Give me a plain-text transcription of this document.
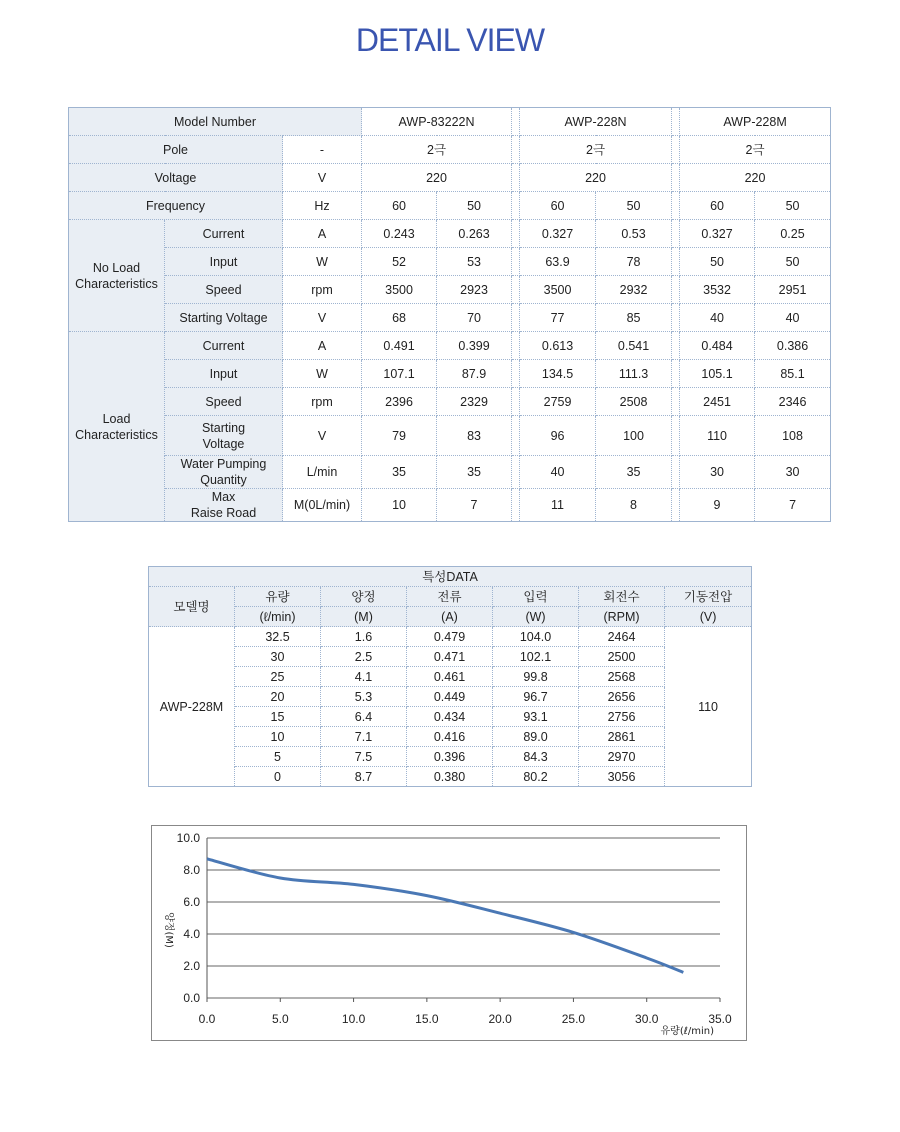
DETAIL VIEW
Model Number			AWP-83222N			AWP-228N			AWP-228M	
Pole		-	2극			2극			2극	
Voltage		V	220			220			220	
Frequency		Hz	60	50		60	50		60	50
No Load
Characteristics	Current	A	0.243	0.263		0.327	0.53		0.327	0.25
	Input	W	52	53		63.9	78		50	50
	Speed	rpm	3500	2923		3500	2932		3532	2951
	Starting Voltage	V	68	70		77	85		40	40
Load
Characteristics	Current	A	0.491	0.399		0.613	0.541		0.484	0.386
	Input	W	107.1	87.9		134.5	111.3		105.1	85.1
	Speed	rpm	2396	2329		2759	2508		2451	2346
	Starting
Voltage	V	79	83		96	100		110	108
	Water Pumping
Quantity	L/min	35	35		40	35		30	30
	Max
Raise Road	M(0L/min)	10	7		11	8		9	7
특성DATA						
모델명	유량	양정	전류	입력	회전수	기동전압
	(ℓ/min)	(M)	(A)	(W)	(RPM)	(V)
AWP-228M	32.5	1.6	0.479	104.0	2464	110
	30	2.5	0.471	102.1	2500	
	25	4.1	0.461	99.8	2568	
	20	5.3	0.449	96.7	2656	
	15	6.4	0.434	93.1	2756	
	10	7.1	0.416	89.0	2861	
	5	7.5	0.396	84.3	2970	
	0	8.7	0.380	80.2	3056	
0.0
2.0
4.0
6.0
8.0
10.0
0.0	5.0	10.0	15.0	20.0	25.0	30.0	35.0
유량(ℓ/min)
양정(M)
